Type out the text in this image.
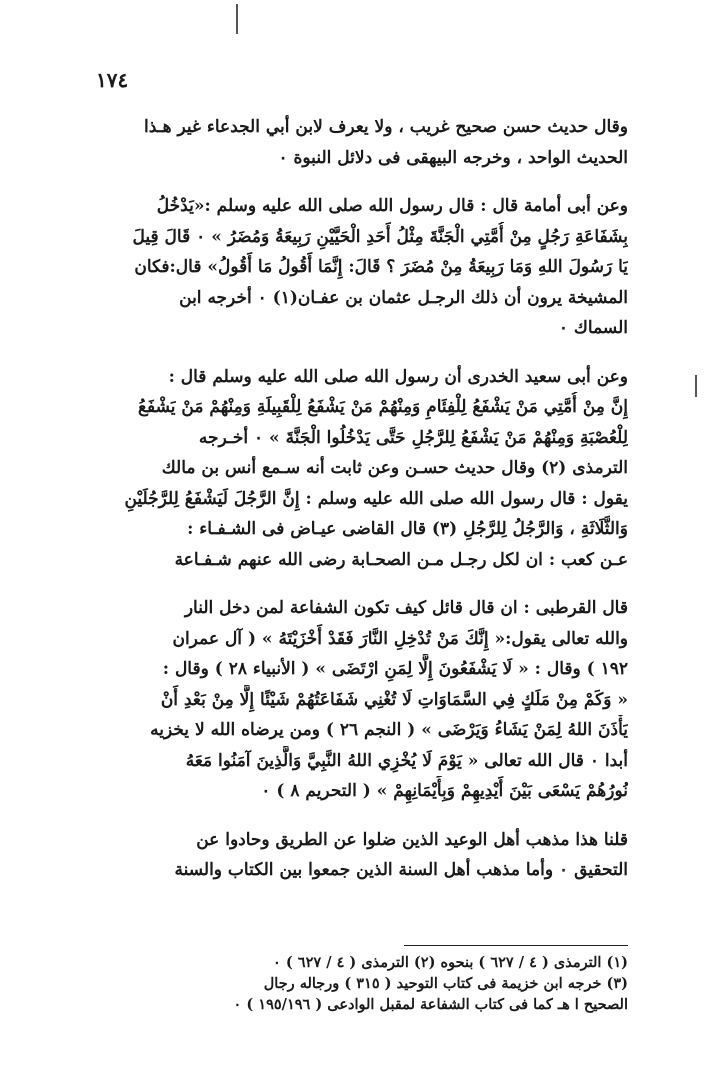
١٧٤
وقال حديث حسن صحيح غريب ، ولا يعرف لابن أبي الجدعاء غير هـذا
الحديث الواحد ، وخرجه البيهقى فى دلائل النبوة ٠
وعن أبى أمامة قال : قال رسول الله صلى الله عليه وسلم :«يَدْخُلُ
بِشَفَاعَةِ رَجُلٍ مِنْ أُمَّتِي الْجَنَّةَ مِثْلُ أَحَدِ الْحَيَّيْنِ رَبِيعَةُ وَمُضَرُ » ٠ قَالَ قِيلَ
يَا رَسُولَ اللهِ وَمَا رَبِيعَةُ مِنْ مُضَرَ ؟ قَالَ: إِنَّمَا أَقُولُ مَا أَقُولُ» قال:فكان
المشيخة يرون أن ذلك الرجـل عثمان بن عفـان(١) ٠ أخرجه ابن
السماك ٠
وعن أبى سعيد الخدرى أن رسول الله صلى الله عليه وسلم قال :
إِنَّ مِنْ أُمَّتِي مَنْ يَشْفَعُ لِلْفِئَامِ وَمِنْهُمْ مَنْ يَشْفَعُ لِلْقَبِيلَةِ وَمِنْهُمْ مَنْ يَشْفَعُ
لِلْعُصْبَةِ وَمِنْهُمْ مَنْ يَشْفَعُ لِلرَّجُلِ حَتَّى يَدْخُلُوا الْجَنَّةَ » ٠ أخـرجه
الترمذى (٢) وقال حديث حسـن وعن ثابت أنه سـمع أنس بن مالك
يقول : قال رسول الله صلى الله عليه وسلم : إِنَّ الرَّجُلَ لَيَشْفَعُ لِلرَّجُلَيْنِ
وَالثَّلَاثَةِ ، وَالرَّجُلُ لِلرَّجُلِ (٣) قال القاضى عيـاض فى الشـفـاء :
عـن كعب : ان لكل رجـل مـن الصحـابة رضى الله عنهم شـفـاعة
قال القرطبى : ان قال قائل كيف تكون الشفاعة لمن دخل النار
والله تعالى يقول:« إِنَّكَ مَنْ تُدْخِلِ النَّارَ فَقَدْ أَخْزَيْتَهُ » ( آل عمران
١٩٢ ) وقال : « لَا يَشْفَعُونَ إِلَّا لِمَنِ ارْتَضَى » ( الأنبياء ٢٨ ) وقال :
« وَكَمْ مِنْ مَلَكٍ فِي السَّمَاوَاتِ لَا تُغْنِي شَفَاعَتُهُمْ شَيْئًا إِلَّا مِنْ بَعْدِ أَنْ
يَأْذَنَ اللهُ لِمَنْ يَشَاءُ وَيَرْضَى » ( النجم ٢٦ ) ومن يرضاه الله لا يخزيه
أبدا ٠ قال الله تعالى « يَوْمَ لَا يُخْزِي اللهُ النَّبِيَّ وَالَّذِينَ آمَنُوا مَعَهُ
نُورُهُمْ يَسْعَى بَيْنَ أَيْدِيهِمْ وَبِأَيْمَانِهِمْ » ( التحريم ٨ ) ٠
قلنا هذا مذهب أهل الوعيد الذين ضلوا عن الطريق وحادوا عن
التحقيق ٠ وأما مذهب أهل السنة الذين جمعوا بين الكتاب والسنة
(١) الترمذى ( ٤ / ٦٢٧ ) بنحوه (٢) الترمذى ( ٤ / ٦٢٧ ) ٠
(٣) خرجه ابن خزيمة فى كتاب التوحيد ( ٣١٥ ) ورجاله رجال
الصحيح ا هـ كما فى كتاب الشفاعة لمقبل الوادعى ( ١٩٥/١٩٦ ) ٠
